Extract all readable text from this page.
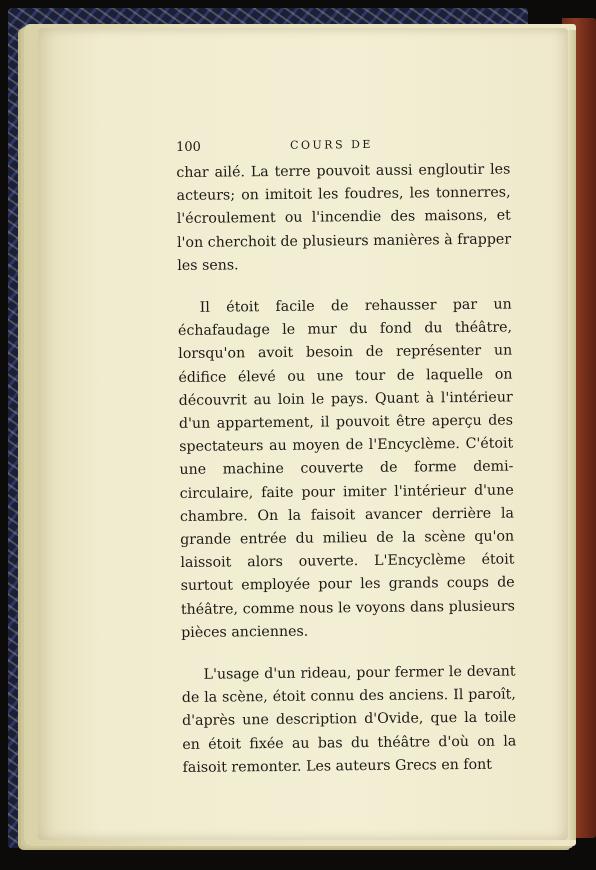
100	COURS DE

char ailé. La terre pouvoit aussi engloutir les acteurs; on imitoit les foudres, les tonnerres, l'écroulement ou l'incendie des maisons, et l'on cherchoit de plusieurs manières à frapper les sens.

Il étoit facile de rehausser par un échafaudage le mur du fond du théâtre, lorsqu'on avoit besoin de représenter un édifice élevé ou une tour de laquelle on découvrit au loin le pays. Quant à l'intérieur d'un appartement, il pouvoit être aperçu des spectateurs au moyen de l'Encyclème. C'étoit une machine couverte de forme demi-circulaire, faite pour imiter l'intérieur d'une chambre. On la faisoit avancer derrière la grande entrée du milieu de la scène qu'on laissoit alors ouverte. L'Encyclème étoit surtout employée pour les grands coups de théâtre, comme nous le voyons dans plusieurs pièces anciennes.

L'usage d'un rideau, pour fermer le devant de la scène, étoit connu des anciens. Il paroît, d'après une description d'Ovide, que la toile en étoit fixée au bas du théâtre d'où on la faisoit remonter. Les auteurs Grecs en font
